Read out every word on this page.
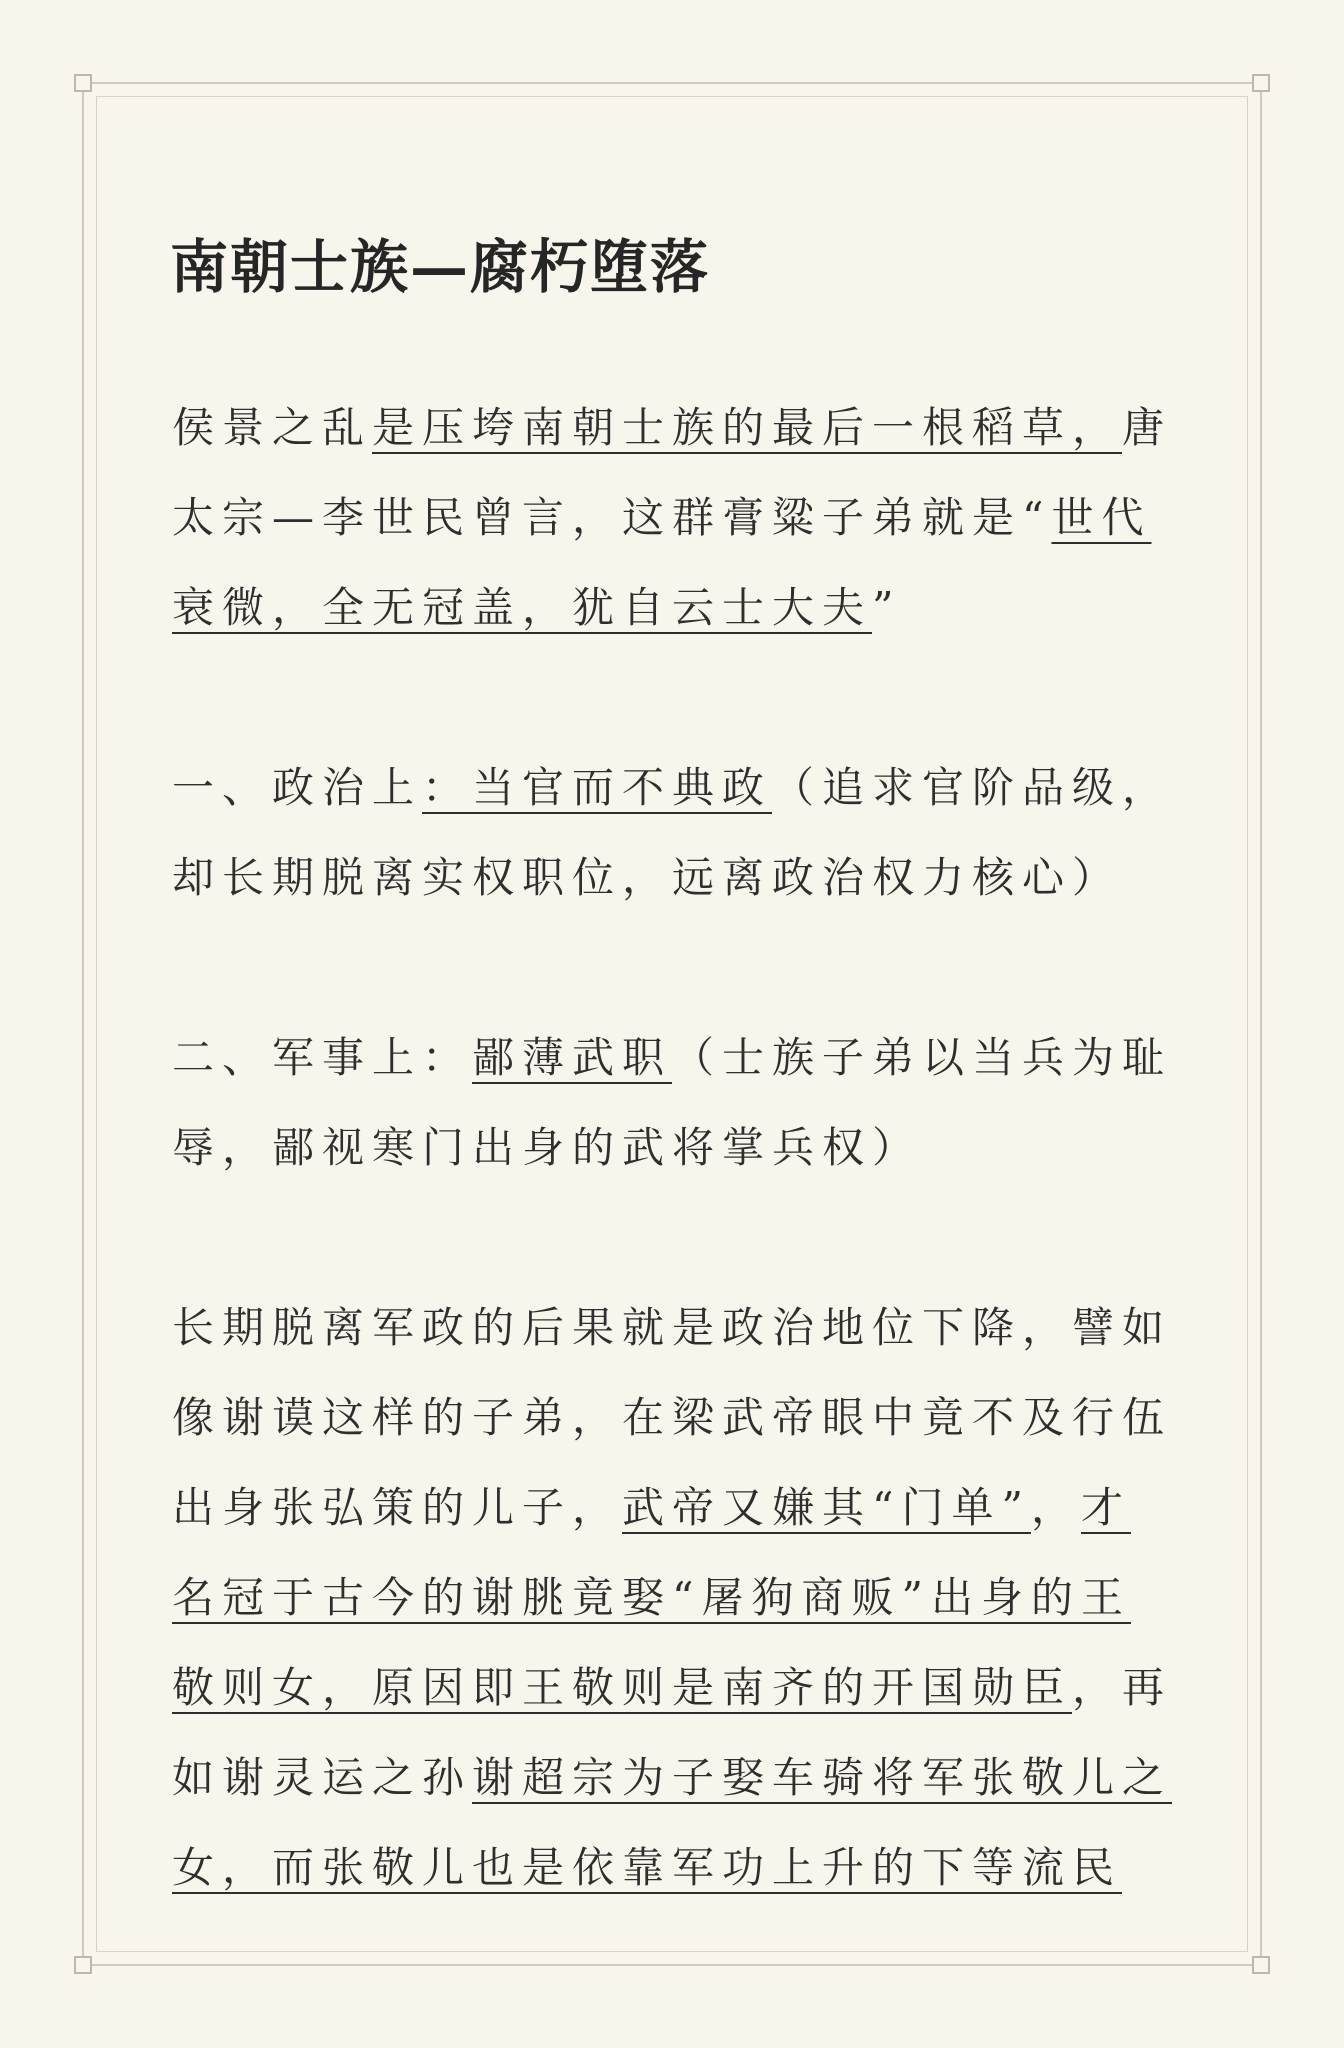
南朝士族—腐朽堕落
侯景之乱是压垮南朝士族的最后一根稻草，唐
太宗—李世民曾言，这群膏粱子弟就是“世代
衰微，全无冠盖，犹自云士大夫”
一、政治上：当官而不典政（追求官阶品级，
却长期脱离实权职位，远离政治权力核心）
二、军事上：鄙薄武职（士族子弟以当兵为耻
辱，鄙视寒门出身的武将掌兵权）
长期脱离军政的后果就是政治地位下降，譬如
像谢谟这样的子弟，在梁武帝眼中竟不及行伍
出身张弘策的儿子，武帝又嫌其“门单”，才
名冠于古今的谢朓竟娶“屠狗商贩”出身的王
敬则女，原因即王敬则是南齐的开国勋臣，再
如谢灵运之孙谢超宗为子娶车骑将军张敬儿之
女，而张敬儿也是依靠军功上升的下等流民
